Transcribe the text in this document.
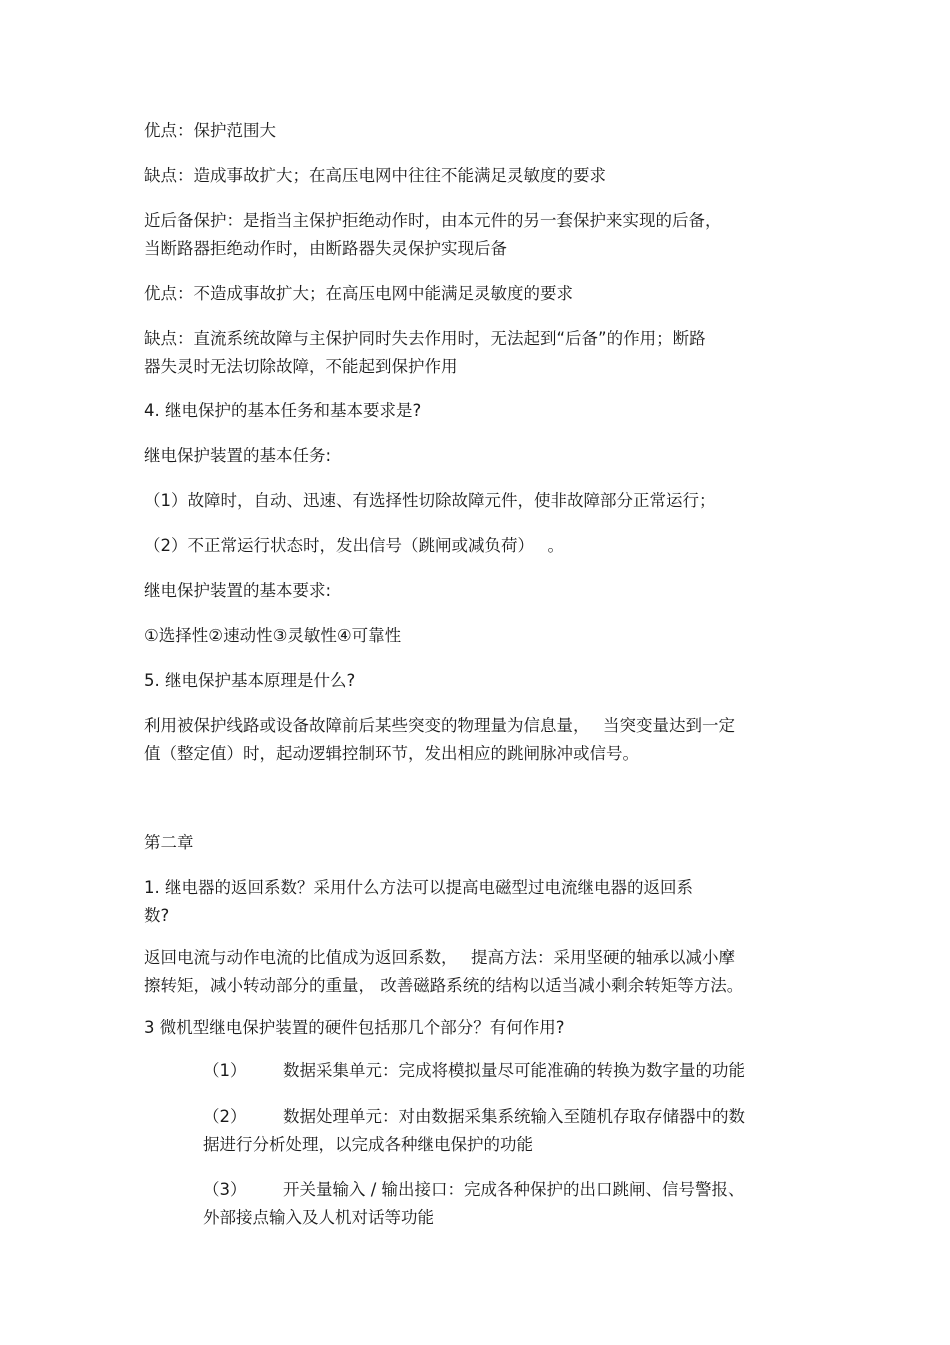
优点：保护范围大
缺点：造成事故扩大；在高压电网中往往不能满足灵敏度的要求
近后备保护：是指当主保护拒绝动作时，由本元件的另一套保护来实现的后备，
当断路器拒绝动作时，由断路器失灵保护实现后备
优点：不造成事故扩大；在高压电网中能满足灵敏度的要求
缺点：直流系统故障与主保护同时失去作用时，无法起到“后备”的作用；断路
器失灵时无法切除故障，不能起到保护作用
4. 继电保护的基本任务和基本要求是?
继电保护装置的基本任务:
（1）故障时，自动、迅速、有选择性切除故障元件，使非故障部分正常运行；
（2）不正常运行状态时，发出信号（跳闸或减负荷）　 。
继电保护装置的基本要求:
①选择性②速动性③灵敏性④可靠性
5. 继电保护基本原理是什么?
利用被保护线路或设备故障前后某些突变的物理量为信息量，　 当突变量达到一定
值（整定值）时，起动逻辑控制环节，发出相应的跳闸脉冲或信号。
第二章
1. 继电器的返回系数？采用什么方法可以提高电磁型过电流继电器的返回系
数?
返回电流与动作电流的比值成为返回系数，　 提高方法：采用坚硬的轴承以减小摩
擦转矩，减小转动部分的重量， 改善磁路系统的结构以适当减小剩余转矩等方法。
3 微机型继电保护装置的硬件包括那几个部分？有何作用?
（1） 数据采集单元：完成将模拟量尽可能准确的转换为数字量的功能
（2） 数据处理单元：对由数据采集系统输入至随机存取存储器中的数
据进行分析处理，以完成各种继电保护的功能
（3） 开关量输入 / 输出接口：完成各种保护的出口跳闸、信号警报、
外部接点输入及人机对话等功能
